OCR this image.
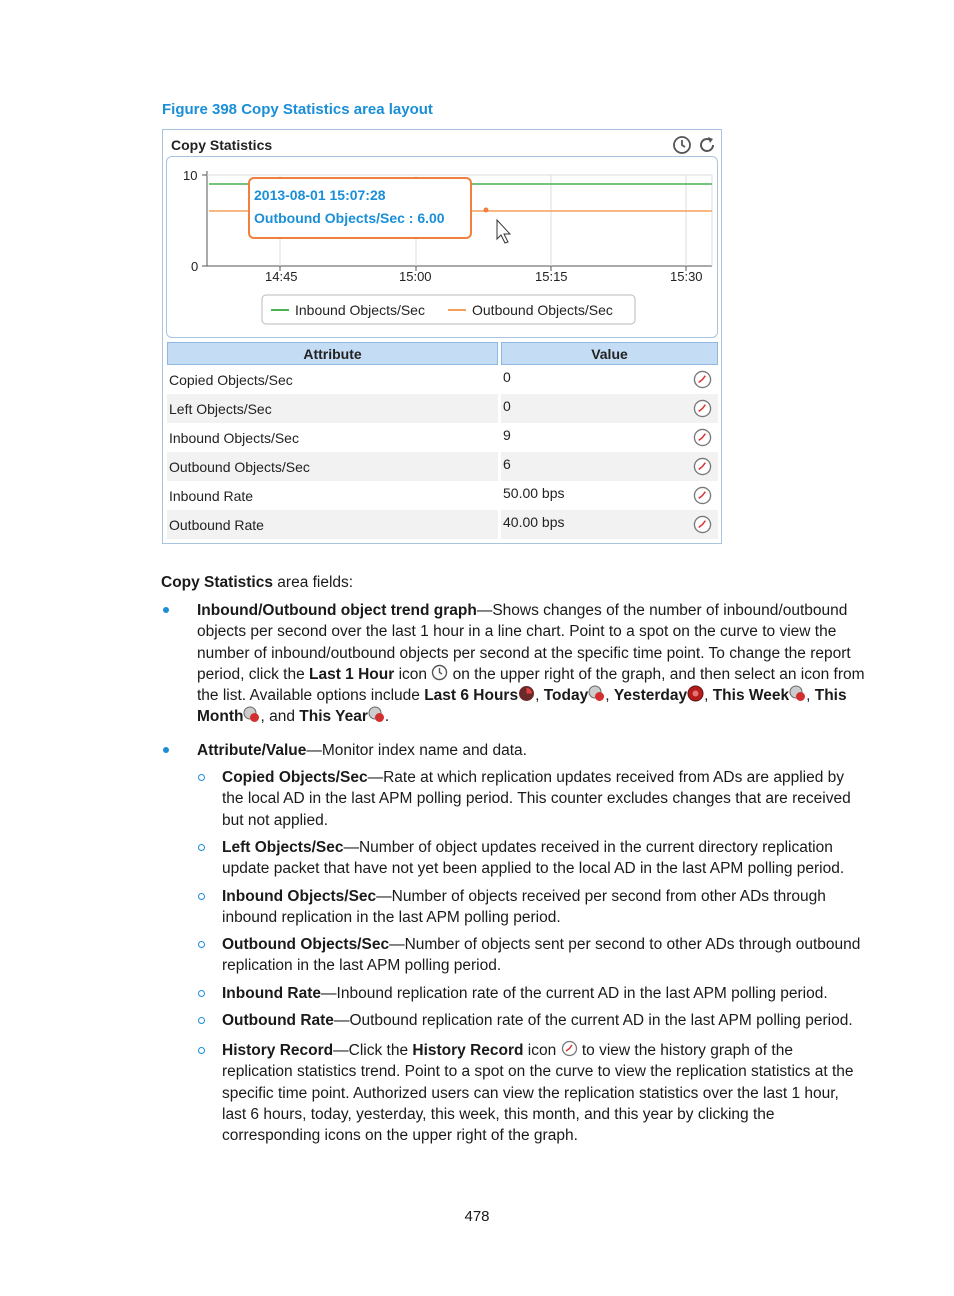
Figure 398 Copy Statistics area layout
Copy Statistics
10
0
14:45	15:00	15:15	15:30
2013-08-01 15:07:28
Outbound Objects/Sec : 6.00
Inbound Objects/Sec	Outbound Objects/Sec
Attribute		Value
Copied Objects/Sec	0	

Left Objects/Sec	0	

Inbound Objects/Sec	9	

Outbound Objects/Sec	6	

Inbound Rate	50.00 bps	

Outbound Rate	40.00 bps	
Copy Statistics area fields:
Inbound/Outbound object trend graph—Shows changes of the number of inbound/outbound objects per second over the last 1 hour in a line chart. Point to a spot on the curve to view the number of inbound/outbound objects per second at the specific time point. To change the report period, click the Last 1 Hour icon  on the upper right of the graph, and then select an icon from the list. Available options include Last 6 Hours , Today , Yesterday , This Week , This Month , and This Year .
Attribute/Value—Monitor index name and data.
Copied Objects/Sec—Rate at which replication updates received from ADs are applied by the local AD in the last APM polling period. This counter excludes changes that are received but not applied.
Left Objects/Sec—Number of object updates received in the current directory replication update packet that have not yet been applied to the local AD in the last APM polling period.
Inbound Objects/Sec—Number of objects received per second from other ADs through inbound replication in the last APM polling period.
Outbound Objects/Sec—Number of objects sent per second to other ADs through outbound replication in the last APM polling period.
Inbound Rate—Inbound replication rate of the current AD in the last APM polling period.
Outbound Rate—Outbound replication rate of the current AD in the last APM polling period.
History Record—Click the History Record icon  to view the history graph of the replication statistics trend. Point to a spot on the curve to view the replication statistics at the specific time point. Authorized users can view the replication statistics over the last 1 hour, last 6 hours, today, yesterday, this week, this month, and this year by clicking the corresponding icons on the upper right of the graph.
478
